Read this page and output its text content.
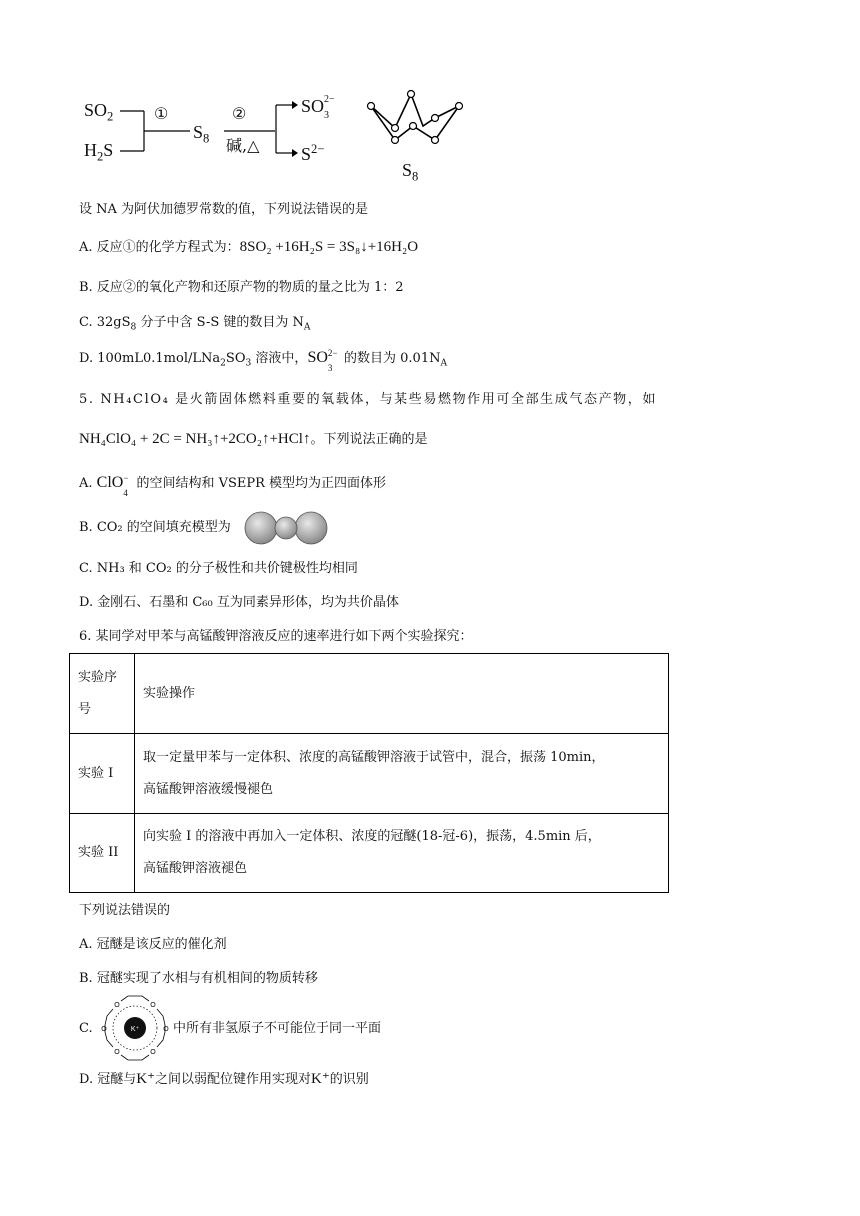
$SO_2$
$H_2S$
①
$S_8$
②
碱,△
SO 2−
3
$S^{2-}$
$S_8$
设 NA 为阿伏加德罗常数的值，下列说法错误的是
A. 反应①的化学方程式为：8SO₂ +16H₂S = 3S₈↓+16H₂O
B. 反应②的氧化产物和还原产物的物质的量之比为 1：2
C. $32gS_8$ 分子中含 S-S 键的数目为 $N_A$
D. $100mL0.1mol/LNa_2SO_3$ 溶液中，SO 2−
3
的数目为 $0.01N_A$
5. NH₄ClO₄ 是火箭固体燃料重要的氧载体，与某些易燃物作用可全部生成气态产物，如
NH₄ClO₄ + 2C = NH₃↑+2CO₂↑+HCl↑。下列说法正确的是
A. ClO −
4
的空间结构和 VSEPR 模型均为正四面体形
B. CO₂ 的空间填充模型为
C. NH₃ 和 CO₂ 的分子极性和共价键极性均相同
D. 金刚石、石墨和 C₆₀ 互为同素异形体，均为共价晶体
6. 某同学对甲苯与高锰酸钾溶液反应的速率进行如下两个实验探究：
实验序
号	实验操作
实验 I	取一定量甲苯与一定体积、浓度的高锰酸钾溶液于试管中，混合，振荡 10min，
高锰酸钾溶液缓慢褪色
实验 II	向实验 I 的溶液中再加入一定体积、浓度的冠醚(18-冠-6)，振荡，4.5min 后，
高锰酸钾溶液褪色
下列说法错误的
A. 冠醚是该反应的催化剂
B. 冠醚实现了水相与有机相间的物质转移
C.
O	O
O
O
O
O	K⁺	中所有非氢原子不可能位于同一平面
D. 冠醚与K⁺之间以弱配位键作用实现对K⁺的识别
